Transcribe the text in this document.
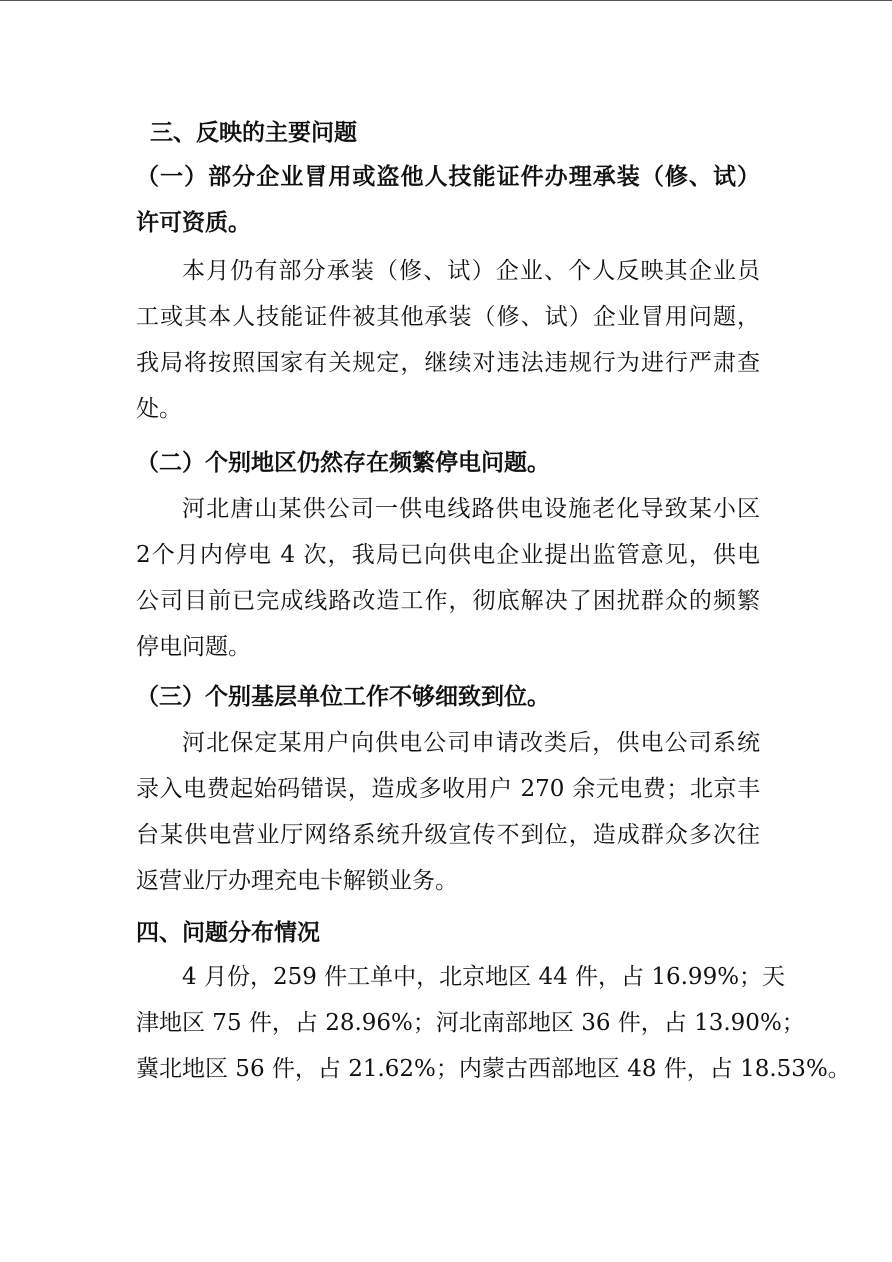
三、反映的主要问题
（一）部分企业冒用或盗他人技能证件办理承装（修、试）
许可资质。
本月仍有部分承装（修、试）企业、个人反映其企业员
工或其本人技能证件被其他承装（修、试）企业冒用问题，
我局将按照国家有关规定，继续对违法违规行为进行严肃查
处。
（二）个别地区仍然存在频繁停电问题。
河北唐山某供公司一供电线路供电设施老化导致某小区
2个月内停电 4 次，我局已向供电企业提出监管意见，供电
公司目前已完成线路改造工作，彻底解决了困扰群众的频繁
停电问题。
（三）个别基层单位工作不够细致到位。
河北保定某用户向供电公司申请改类后，供电公司系统
录入电费起始码错误，造成多收用户 270 余元电费；北京丰
台某供电营业厅网络系统升级宣传不到位，造成群众多次往
返营业厅办理充电卡解锁业务。
四、问题分布情况
4 月份，259 件工单中，北京地区 44 件，占 16.99%；天
津地区 75 件，占 28.96%；河北南部地区 36 件，占 13.90%；
冀北地区 56 件，占 21.62%；内蒙古西部地区 48 件，占 18.53%。
